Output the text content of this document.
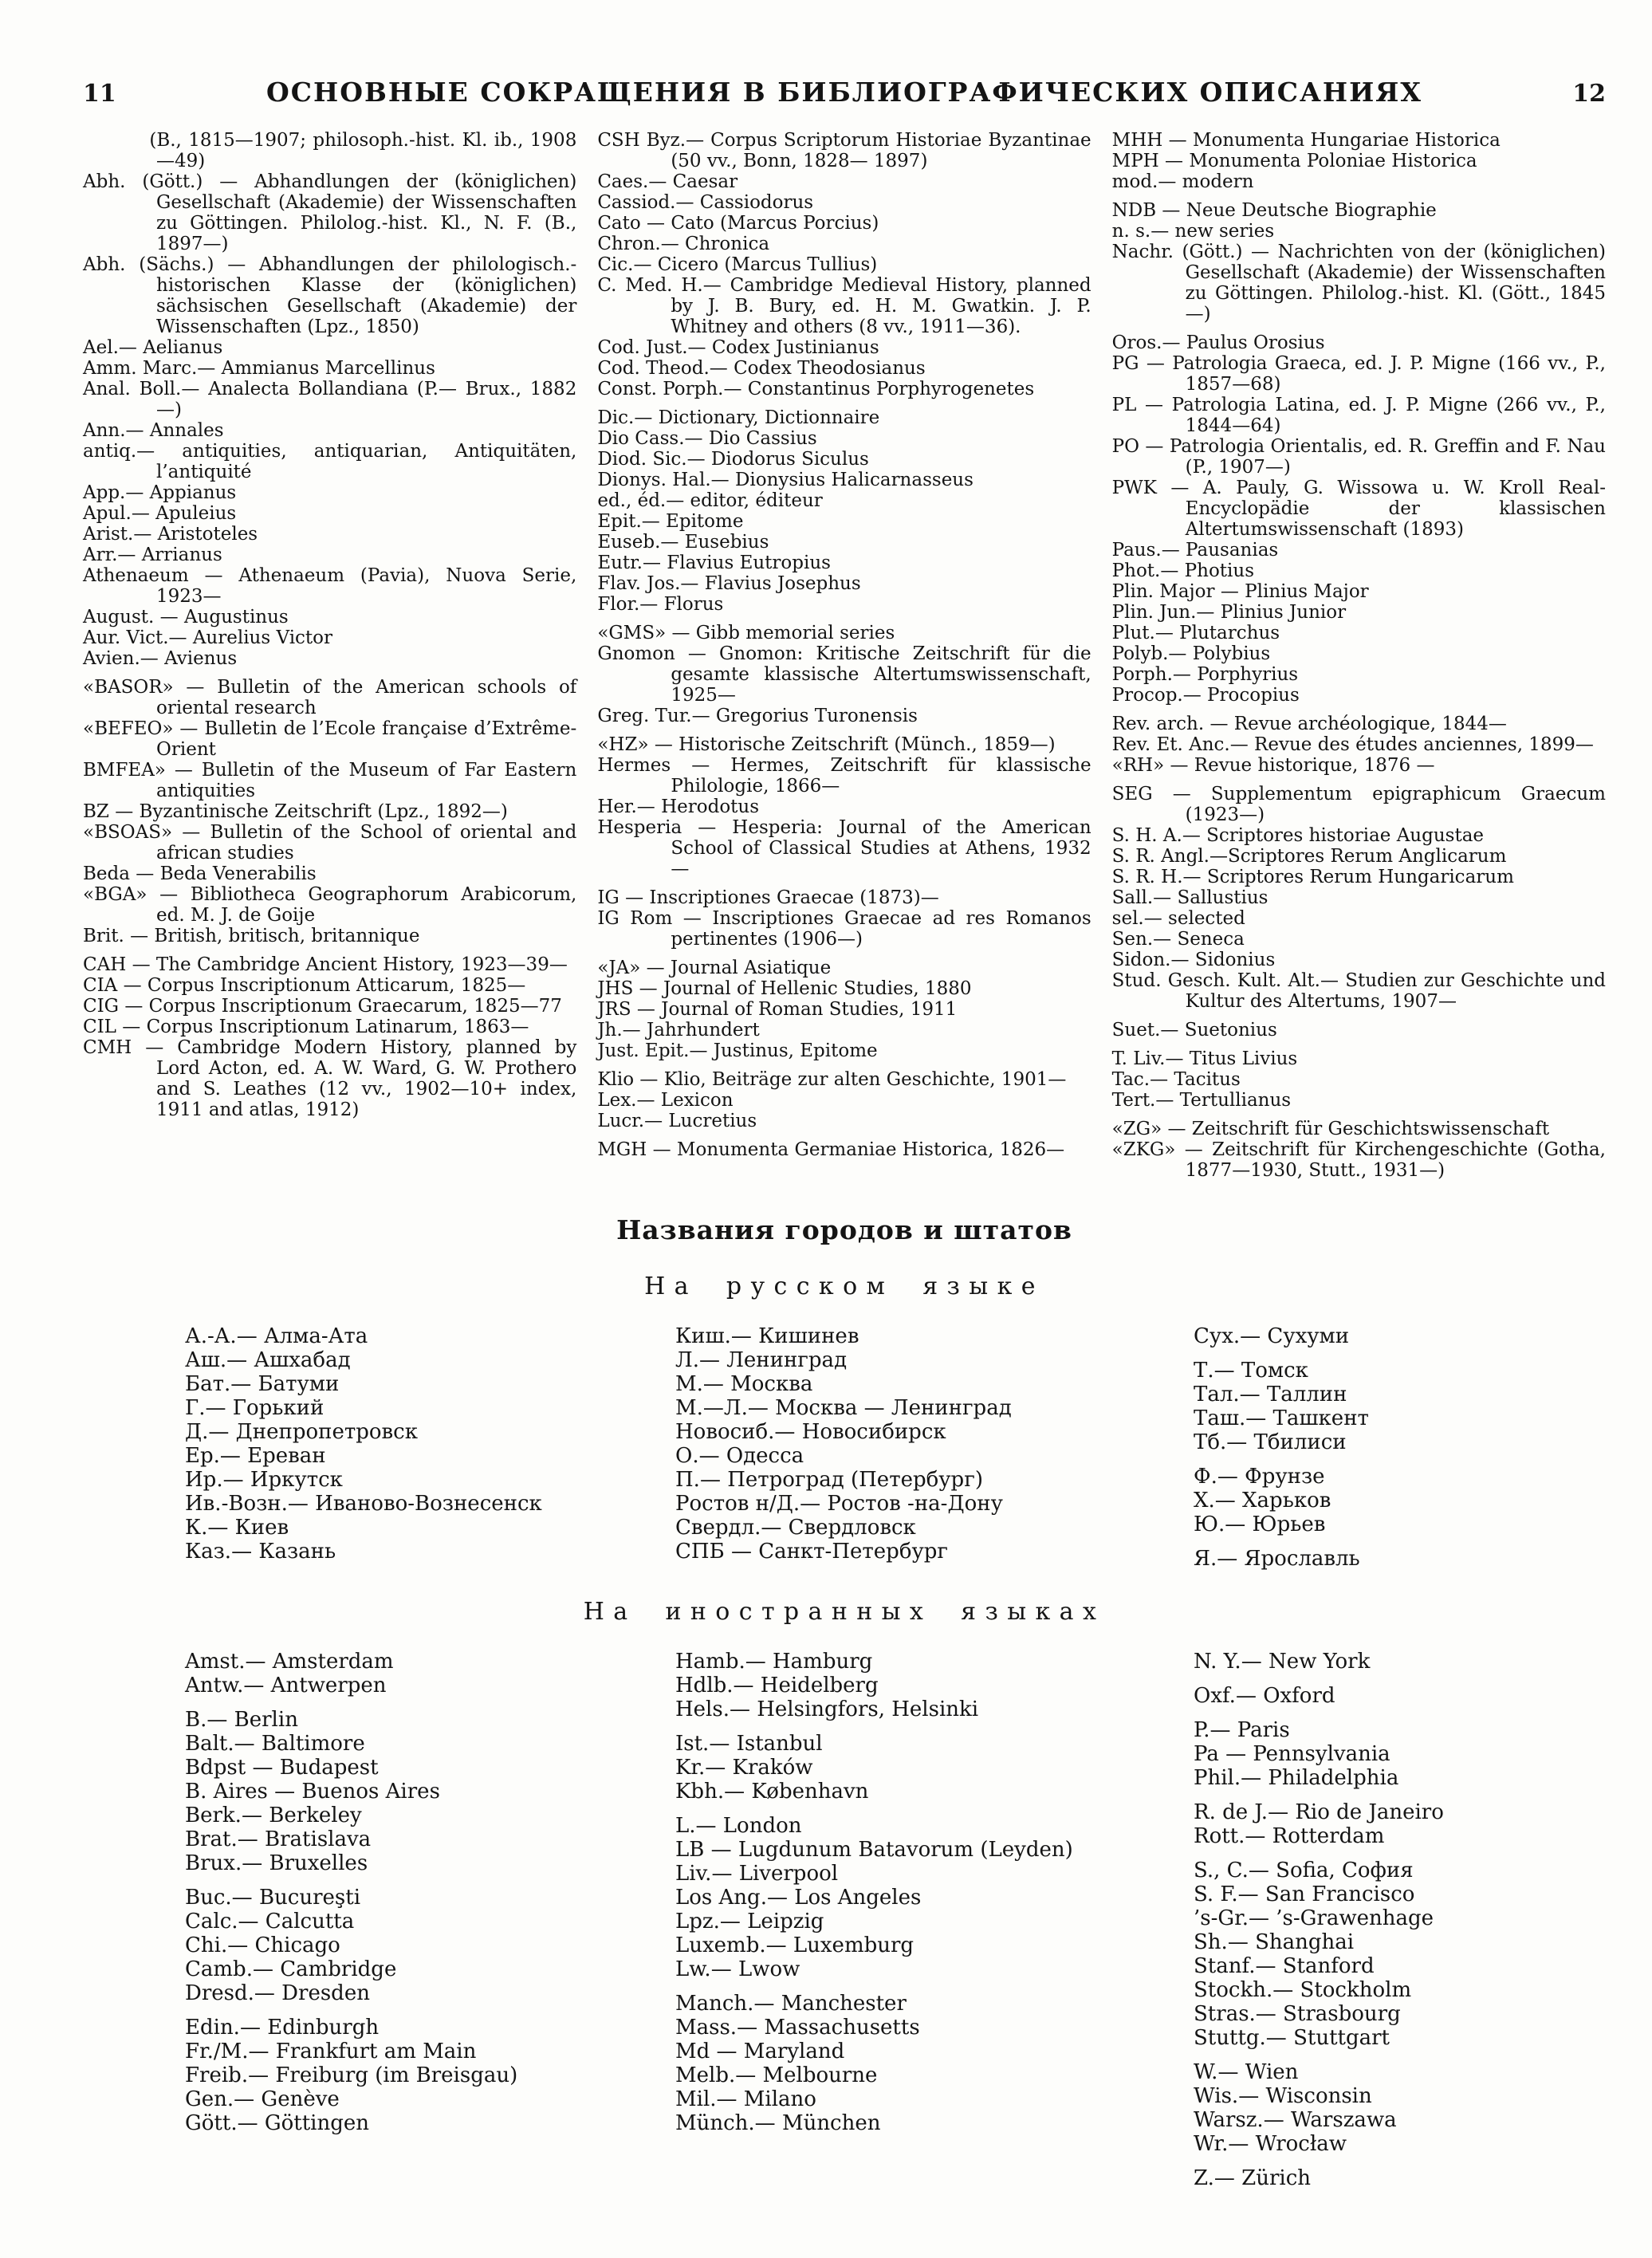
11	ОСНОВНЫЕ СОКРАЩЕНИЯ В БИБЛИОГРАФИЧЕСКИХ ОПИСАНИЯХ	12

(B., 1815—1907; philosoph.-hist. Kl. ib., 1908—49)

Abh. (Gött.) — Abhandlungen der (königlichen) Gesellschaft (Akademie) der Wissenschaften zu Göttingen. Philolog.-hist. Kl., N. F. (B., 1897—)

Abh. (Sächs.) — Abhandlungen der philologisch.-historischen Klasse der (königlichen) sächsischen Gesellschaft (Akademie) der Wissenschaften (Lpz., 1850)

Ael.— Aelianus

Amm. Marc.— Ammianus Marcellinus

Anal. Boll.— Analecta Bollandiana (P.— Brux., 1882—)

Ann.— Annales

antiq.— antiquities, antiquarian, Antiquitäten, l’antiquité

App.— Appianus

Apul.— Apuleius

Arist.— Aristoteles

Arr.— Arrianus

Athenaeum — Athenaeum (Pavia), Nuova Serie, 1923—

August. — Augustinus

Aur. Vict.— Aurelius Victor

Avien.— Avienus

«BASOR» — Bulletin of the American schools of oriental research

«BEFEO» — Bulletin de l’Ecole française d’Extrême-Orient

BMFEA» — Bulletin of the Museum of Far Eastern antiquities

BZ — Byzantinische Zeitschrift (Lpz., 1892—)

«BSOAS» — Bulletin of the School of oriental and african studies

Beda — Beda Venerabilis

«BGA» — Bibliotheca Geographorum Arabicorum, ed. M. J. de Goije

Brit. — British, britisch, britannique

CAH — The Cambridge Ancient History, 1923—39—

CIA — Corpus Inscriptionum Atticarum, 1825—

CIG — Corpus Inscriptionum Graecarum, 1825—77

CIL — Corpus Inscriptionum Latinarum, 1863—

CMH — Cambridge Modern History, planned by Lord Acton, ed. A. W. Ward, G. W. Prothero and S. Leathes (12 vv., 1902—10+ index, 1911 and atlas, 1912)

CSH Byz.— Corpus Scriptorum Historiae Byzantinae (50 vv., Bonn, 1828— 1897)

Caes.— Caesar

Cassiod.— Cassiodorus

Cato — Cato (Marcus Porcius)

Chron.— Chronica

Cic.— Cicero (Marcus Tullius)

C. Med. H.— Cambridge Medieval History, planned by J. B. Bury, ed. H. M. Gwatkin. J. P. Whitney and others (8 vv., 1911—36).

Cod. Just.— Codex Justinianus

Cod. Theod.— Codex Theodosianus

Const. Porph.— Constantinus Porphyrogenetes

Dic.— Dictionary, Dictionnaire

Dio Cass.— Dio Cassius

Diod. Sic.— Diodorus Siculus

Dionys. Hal.— Dionysius Halicarnasseus

ed., éd.— editor, éditeur

Epit.— Epitome

Euseb.— Eusebius

Eutr.— Flavius Eutropius

Flav. Jos.— Flavius Josephus

Flor.— Florus

«GMS» — Gibb memorial series

Gnomon — Gnomon: Kritische Zeitschrift für die gesamte klassische Altertumswissenschaft, 1925—

Greg. Tur.— Gregorius Turonensis

«HZ» — Historische Zeitschrift (Münch., 1859—)

Hermes — Hermes, Zeitschrift für klassische Philologie, 1866—

Her.— Herodotus

Hesperia — Hesperia: Journal of the American School of Classical Studies at Athens, 1932—

IG — Inscriptiones Graecae (1873)—

IG Rom — Inscriptiones Graecae ad res Romanos pertinentes (1906—)

«JA» — Journal Asiatique

JHS — Journal of Hellenic Studies, 1880

JRS — Journal of Roman Studies, 1911

Jh.— Jahrhundert

Just. Epit.— Justinus, Epitome

Klio — Klio, Beiträge zur alten Geschichte, 1901—

Lex.— Lexicon

Lucr.— Lucretius

MGH — Monumenta Germaniae Historica, 1826—

MHH — Monumenta Hungariae Historica

MPH — Monumenta Poloniae Historica

mod.— modern

NDB — Neue Deutsche Biographie

n. s.— new series

Nachr. (Gött.) — Nachrichten von der (königlichen) Gesellschaft (Akademie) der Wissenschaften zu Göttingen. Philolog.-hist. Kl. (Gött., 1845—)

Oros.— Paulus Orosius

PG — Patrologia Graeca, ed. J. P. Migne (166 vv., P., 1857—68)

PL — Patrologia Latina, ed. J. P. Migne (266 vv., P., 1844—64)

PO — Patrologia Orientalis, ed. R. Greffin and F. Nau (P., 1907—)

PWK — A. Pauly, G. Wissowa u. W. Kroll Real-Encyclopädie der klassischen Altertumswissenschaft (1893)

Paus.— Pausanias

Phot.— Photius

Plin. Major — Plinius Major

Plin. Jun.— Plinius Junior

Plut.— Plutarchus

Polyb.— Polybius

Porph.— Porphyrius

Procop.— Procopius

Rev. arch. — Revue archéologique, 1844—

Rev. Et. Anc.— Revue des études anciennes, 1899—

«RH» — Revue historique, 1876 —

SEG — Supplementum epigraphicum Graecum (1923—)

S. H. A.— Scriptores historiae Augustae

S. R. Angl.—Scriptores Rerum Anglicarum

S. R. H.— Scriptores Rerum Hungaricarum

Sall.— Sallustius

sel.— selected

Sen.— Seneca

Sidon.— Sidonius

Stud. Gesch. Kult. Alt.— Studien zur Geschichte und Kultur des Altertums, 1907—

Suet.— Suetonius

T. Liv.— Titus Livius

Tac.— Tacitus

Tert.— Tertullianus

«ZG» — Zeitschrift für Geschichtswissenschaft

«ZKG» — Zeitschrift für Kirchengeschichte (Gotha, 1877—1930, Stutt., 1931—)

Названия городов и штатов
На русском языке

А.-А.— Алма-Ата

Аш.— Ашхабад

Бат.— Батуми

Г.— Горький

Д.— Днепропетровск

Ер.— Ереван

Ир.— Иркутск

Ив.-Возн.— Иваново-Вознесенск

К.— Киев

Каз.— Казань

Киш.— Кишинев

Л.— Ленинград

М.— Москва

М.—Л.— Москва — Ленинград

Новосиб.— Новосибирск

О.— Одесса

П.— Петроград (Петербург)

Ростов н/Д.— Ростов -на-Дону

Свердл.— Свердловск

СПБ — Санкт-Петербург

Сух.— Сухуми

Т.— Томск

Тал.— Таллин

Таш.— Ташкент

Тб.— Тбилиси

Ф.— Фрунзе

Х.— Харьков

Ю.— Юрьев

Я.— Ярославль

На иностранных языках

Amst.— Amsterdam

Antw.— Antwerpen

B.— Berlin

Balt.— Baltimore

Bdpst — Budapest

B. Aires — Buenos Aires

Berk.— Berkeley

Brat.— Bratislava

Brux.— Bruxelles

Buc.— Bucureşti

Calc.— Calcutta

Chi.— Chicago

Camb.— Cambridge

Dresd.— Dresden

Edin.— Edinburgh

Fr./M.— Frankfurt am Main

Freib.— Freiburg (im Breisgau)

Gen.— Genève

Gött.— Göttingen

Hamb.— Hamburg

Hdlb.— Heidelberg

Hels.— Helsingfors, Helsinki

Ist.— Istanbul

Kr.— Kraków

Kbh.— København

L.— London

LB — Lugdunum Batavorum (Leyden)

Liv.— Liverpool

Los Ang.— Los Angeles

Lpz.— Leipzig

Luxemb.— Luxemburg

Lw.— Lwow

Manch.— Manchester

Mass.— Massachusetts

Md — Maryland

Melb.— Melbourne

Mil.— Milano

Münch.— München

N. Y.— New York

Oxf.— Oxford

P.— Paris

Pa — Pennsylvania

Phil.— Philadelphia

R. de J.— Rio de Janeiro

Rott.— Rotterdam

S., C.— Sofia, София

S. F.— San Francisco

’s-Gr.— ’s-Grawenhage

Sh.— Shanghai

Stanf.— Stanford

Stockh.— Stockholm

Stras.— Strasbourg

Stuttg.— Stuttgart

W.— Wien

Wis.— Wisconsin

Warsz.— Warszawa

Wr.— Wrocław

Z.— Zürich
